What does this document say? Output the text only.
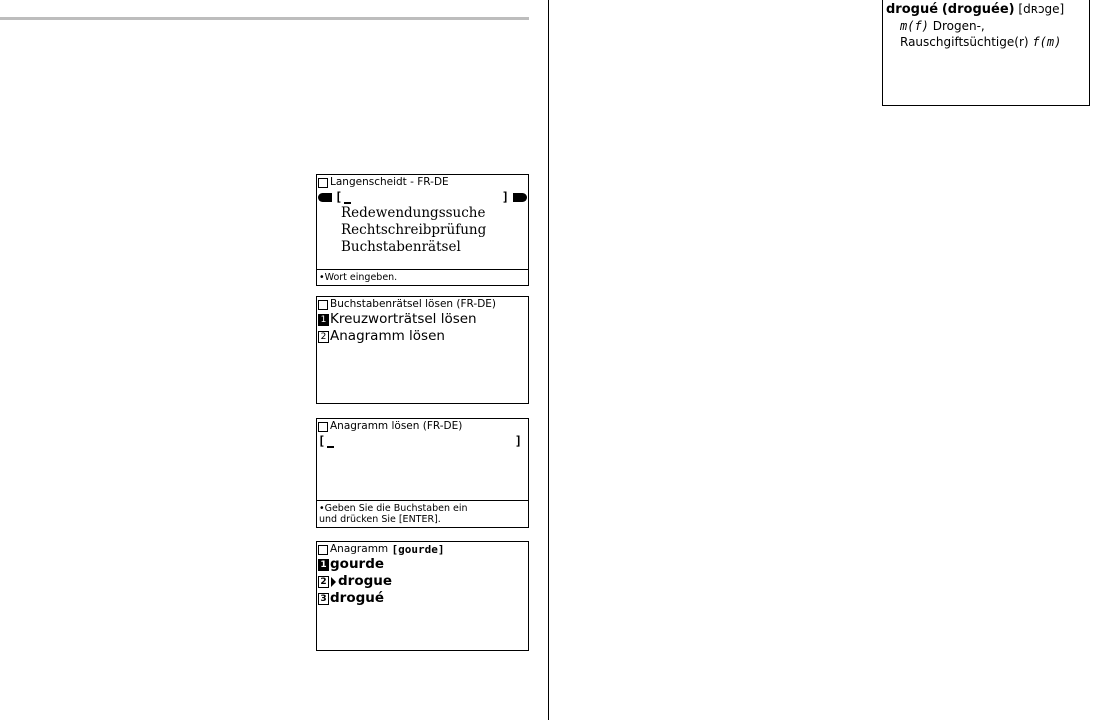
Langenscheidt - FR-DE
[	]
Redewendungssuche
Rechtschreibprüfung
Buchstabenrätsel
•Wort eingeben.
Buchstabenrätsel lösen (FR-DE)
1 Kreuzworträtsel lösen
2 Anagramm lösen
Anagramm lösen (FR-DE)
[	]
•Geben Sie die Buchstaben ein
und drücken Sie [ENTER].
Anagramm
[gourde]
1 gourde
2 drogue
3 drogué
drogué (droguée) [dʀɔge]
m(f) Drogen-,
Rauschgiftsüchtige(r) f(m)
